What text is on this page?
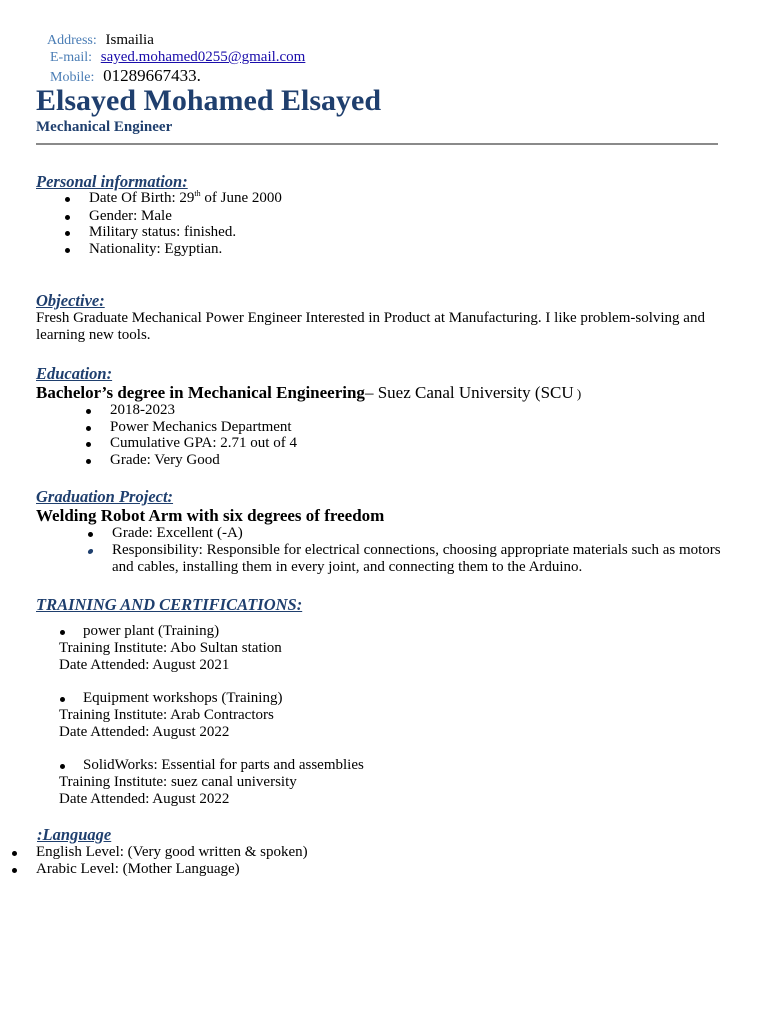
Address: Ismailia
E-mail: sayed.mohamed0255@gmail.com
Mobile: 01289667433.
Elsayed Mohamed Elsayed
Mechanical Engineer
Personal information:
Date Of Birth: 29th of June 2000
Gender: Male
Military status: finished.
Nationality: Egyptian.
Objective:
Fresh Graduate Mechanical Power Engineer Interested in Product at Manufacturing. I like problem-solving and learning new tools.
Education:
Bachelor’s degree in Mechanical Engineering– Suez Canal University (SCU )
2018-2023
Power Mechanics Department
Cumulative GPA: 2.71 out of 4
Grade: Very Good
Graduation Project:
Welding Robot Arm with six degrees of freedom
Grade: Excellent (-A)
Responsibility: Responsible for electrical connections, choosing appropriate materials such as motors and cables, installing them in every joint, and connecting them to the Arduino.
TRAINING AND CERTIFICATIONS:
power plant (Training)
Training Institute: Abo Sultan station
Date Attended: August 2021
Equipment workshops (Training)
Training Institute: Arab Contractors
Date Attended: August 2022
SolidWorks: Essential for parts and assemblies
Training Institute: suez canal university
Date Attended: August 2022
:Language
English Level: (Very good written & spoken)
Arabic Level: (Mother Language)
